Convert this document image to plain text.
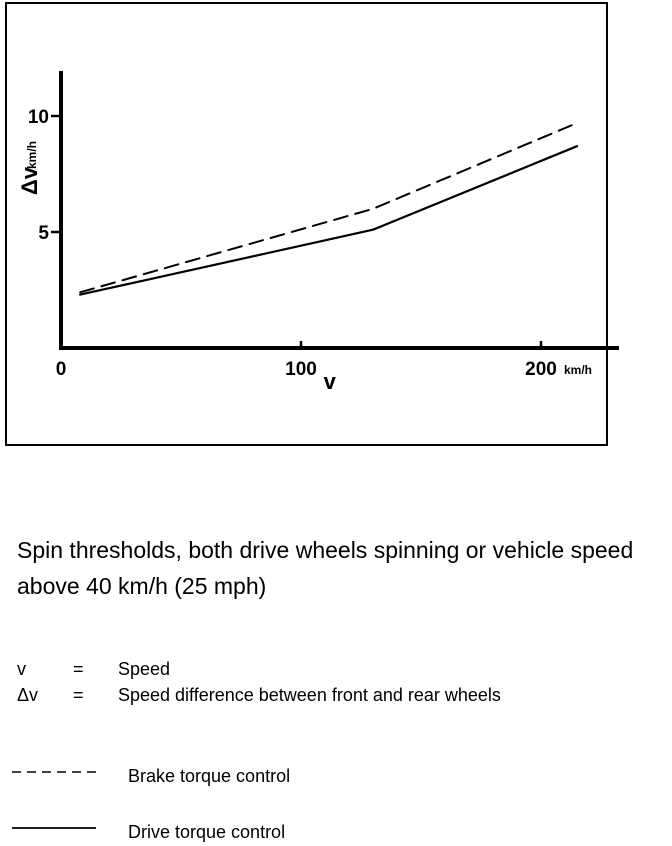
5
10
0	100	200 km/h
v
Δv
km/h
Spin thresholds, both drive wheels spinning or vehicle speed above 40 km/h (25 mph)
v	=	Speed
Δv	=	Speed difference between front and rear wheels
Brake torque control
Drive torque control
